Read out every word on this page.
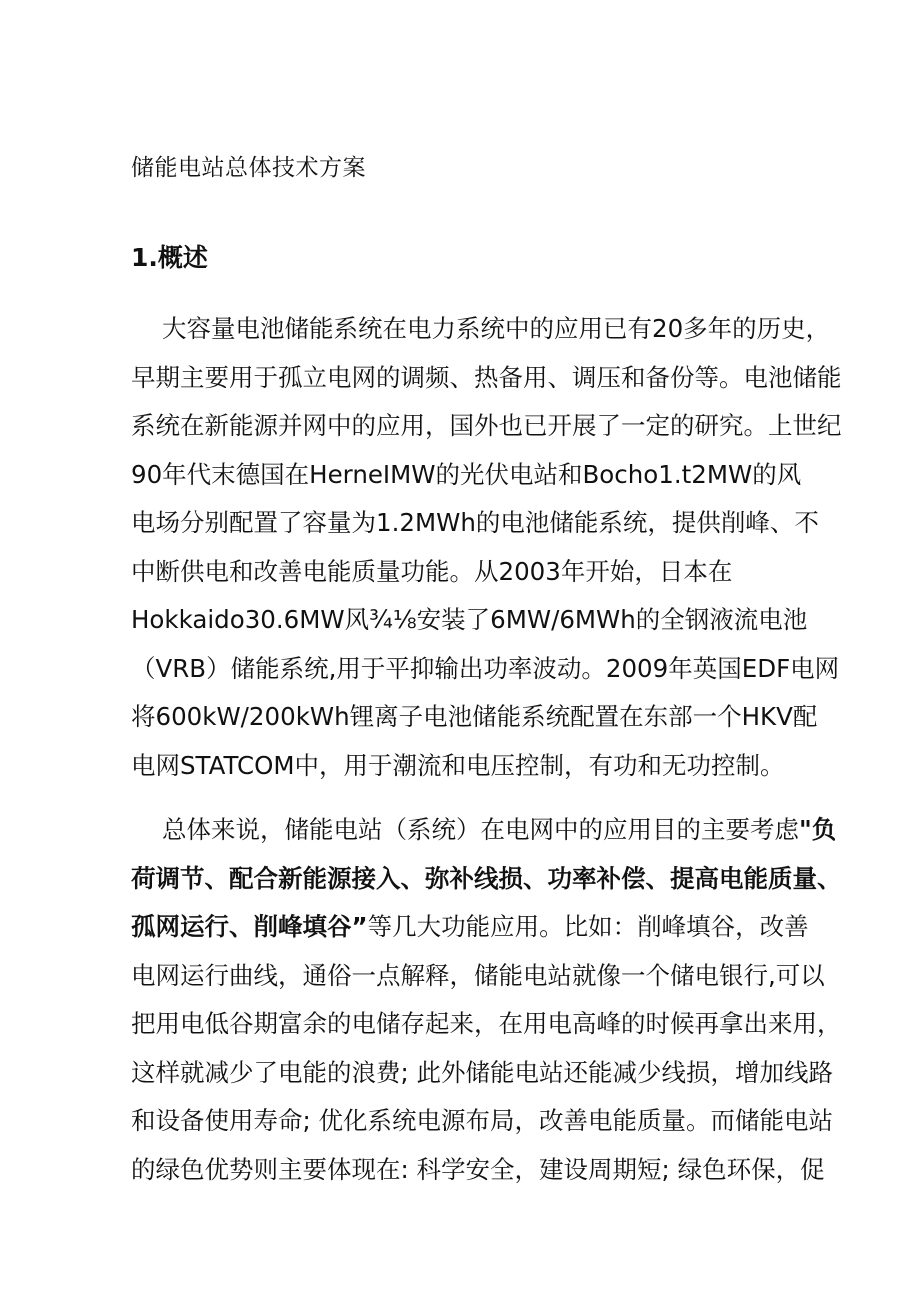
储能电站总体技术方案
1.概述
大容量电池储能系统在电力系统中的应用已有20多年的历史，
早期主要用于孤立电网的调频、热备用、调压和备份等。电池储能
系统在新能源并网中的应用，国外也已开展了一定的研究。上世纪
90年代末德国在HerneIMW的光伏电站和Bocho1.t2MW的风
电场分别配置了容量为1.2MWh的电池储能系统，提供削峰、不
中断供电和改善电能质量功能。从2003年开始，日本在
Hokkaido30.6MW风¾⅛安装了6MW/6MWh的全钢液流电池
（VRB）储能系统,用于平抑输出功率波动。2009年英国EDF电网
将600kW/200kWh锂离子电池储能系统配置在东部一个HKV配
电网STATCOM中，用于潮流和电压控制，有功和无功控制。
总体来说，储能电站（系统）在电网中的应用目的主要考虑"负
荷调节、配合新能源接入、弥补线损、功率补偿、提高电能质量、
孤网运行、削峰填谷”等几大功能应用。比如：削峰填谷，改善
电网运行曲线，通俗一点解释，储能电站就像一个储电银行,可以
把用电低谷期富余的电储存起来，在用电高峰的时候再拿出来用，
这样就减少了电能的浪费; 此外储能电站还能减少线损，增加线路
和设备使用寿命; 优化系统电源布局，改善电能质量。而储能电站
的绿色优势则主要体现在: 科学安全，建设周期短; 绿色环保，促
